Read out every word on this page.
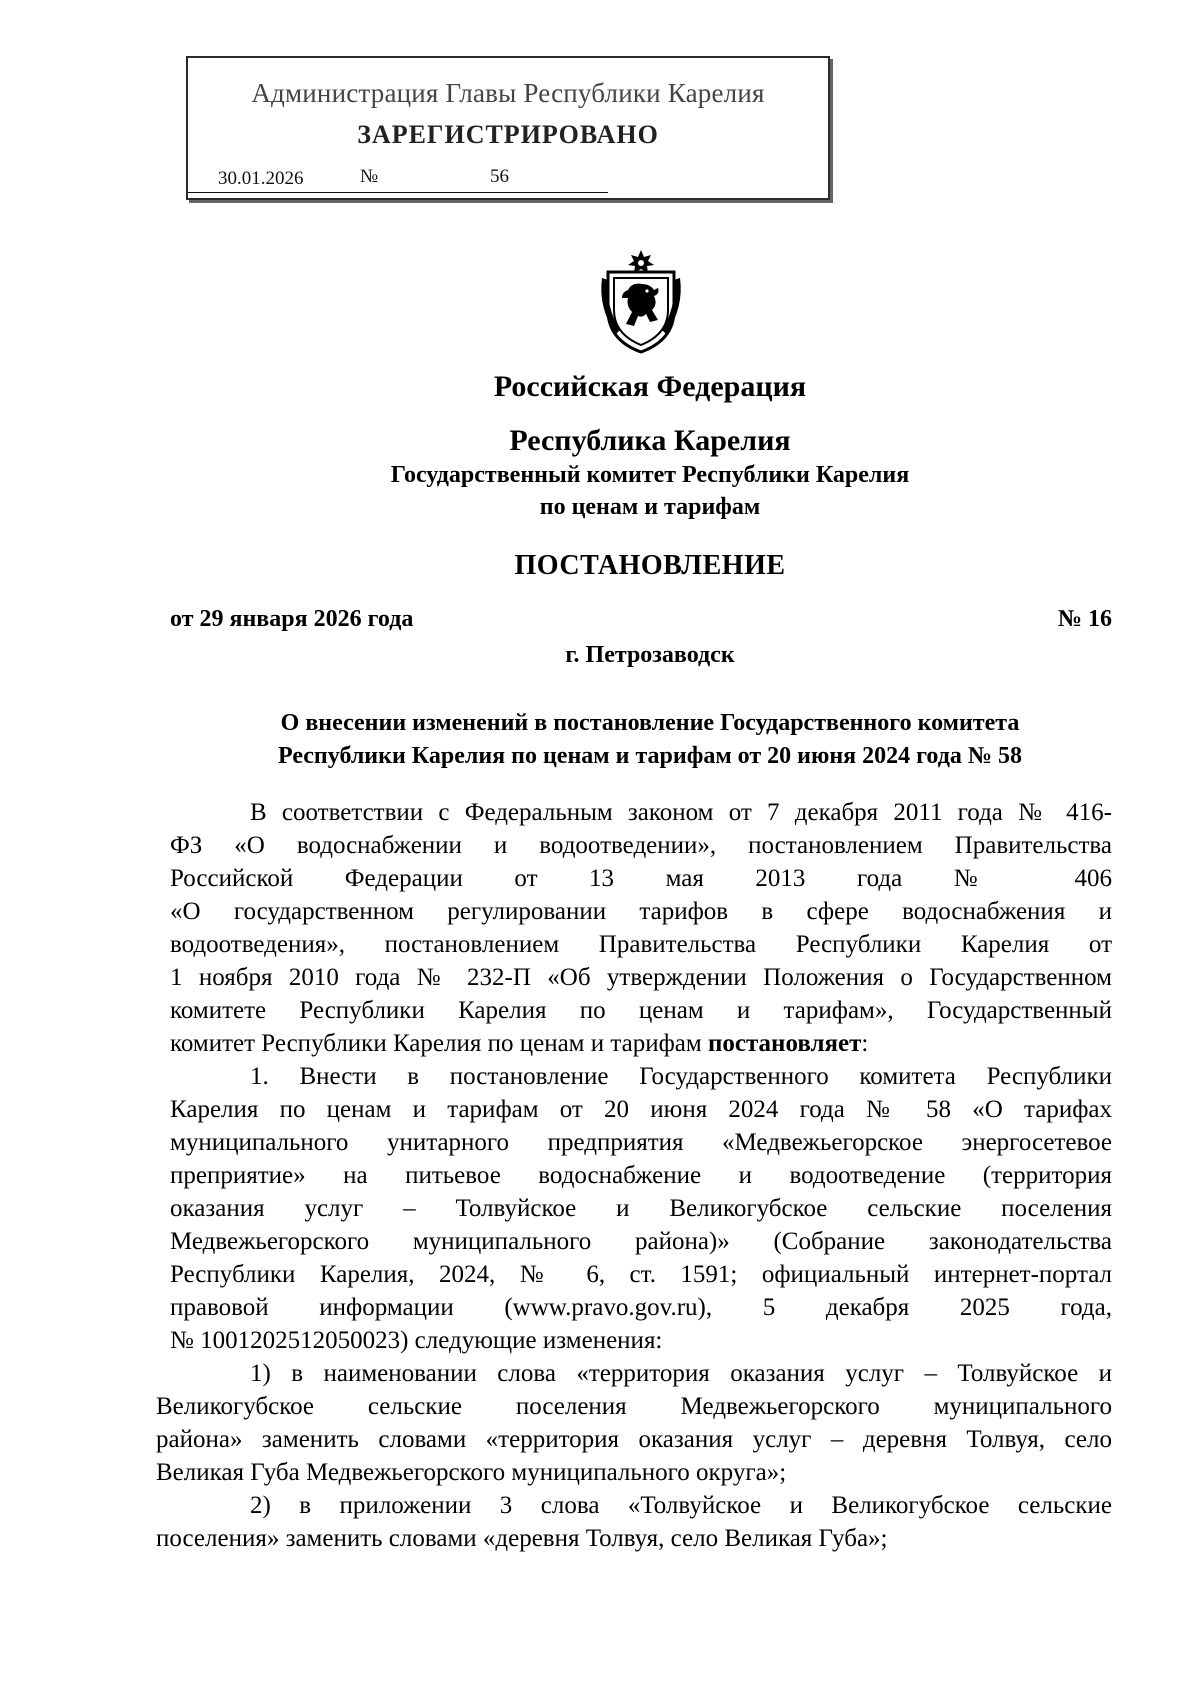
Администрация Главы Республики Карелия
ЗАРЕГИСТРИРОВАНО
30.01.2026	№	56
Российская Федерация
Республика Карелия
Государственный комитет Республики Карелия
по ценам и тарифам
ПОСТАНОВЛЕНИЕ
от 29 января 2026 года	№ 16
г. Петрозаводск
О внесении изменений в постановление Государственного комитета
Республики Карелия по ценам и тарифам от 20 июня 2024 года № 58
В соответствии с Федеральным законом от 7 декабря 2011 года № 416-
ФЗ «О водоснабжении и водоотведении», постановлением Правительства
Российской Федерации от 13 мая 2013 года № 406
«О государственном регулировании тарифов в сфере водоснабжения и
водоотведения», постановлением Правительства Республики Карелия от
1 ноября 2010 года № 232-П «Об утверждении Положения о Государственном
комитете Республики Карелия по ценам и тарифам», Государственный
комитет Республики Карелия по ценам и тарифам постановляет:
1. Внести в постановление Государственного комитета Республики
Карелия по ценам и тарифам от 20 июня 2024 года № 58 «О тарифах
муниципального унитарного предприятия «Медвежьегорское энергосетевое
преприятие» на питьевое водоснабжение и водоотведение (территория
оказания услуг – Толвуйское и Великогубское сельские поселения
Медвежьегорского муниципального района)» (Собрание законодательства
Республики Карелия, 2024, № 6, ст. 1591; официальный интернет-портал
правовой информации (www.pravo.gov.ru), 5 декабря 2025 года,
№ 1001202512050023) следующие изменения:
1) в наименовании слова «территория оказания услуг – Толвуйское и
Великогубское сельские поселения Медвежьегорского муниципального
района» заменить словами «территория оказания услуг – деревня Толвуя, село
Великая Губа Медвежьегорского муниципального округа»;
2) в приложении 3 слова «Толвуйское и Великогубское сельские
поселения» заменить словами «деревня Толвуя, село Великая Губа»;
